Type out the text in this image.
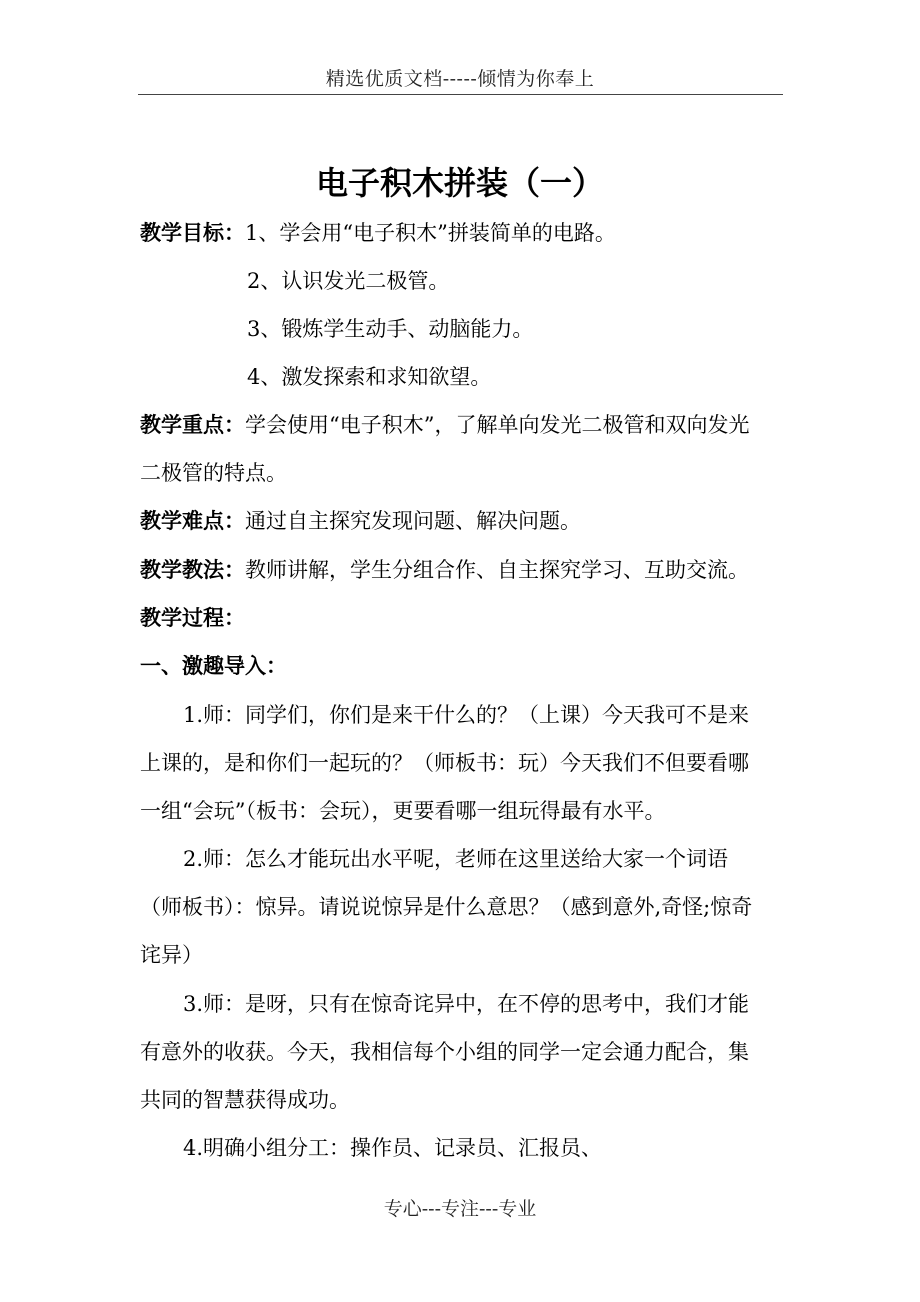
精选优质文档-----倾情为你奉上
电子积木拼装（一）
教学目标：1、学会用“电子积木”拼装简单的电路。
2、认识发光二极管。
3、锻炼学生动手、动脑能力。
4、激发探索和求知欲望。
教学重点：学会使用“电子积木”，了解单向发光二极管和双向发光
二极管的特点。
教学难点：通过自主探究发现问题、解决问题。
教学教法：教师讲解，学生分组合作、自主探究学习、互助交流。
教学过程：
一、激趣导入：
1.师：同学们，你们是来干什么的？（上课）今天我可不是来
上课的，是和你们一起玩的？（师板书：玩）今天我们不但要看哪
一组“会玩”（板书：会玩），更要看哪一组玩得最有水平。
2.师：怎么才能玩出水平呢，老师在这里送给大家一个词语
（师板书）：惊异。请说说惊异是什么意思？（感到意外,奇怪;惊奇
诧异）
3.师：是呀，只有在惊奇诧异中，在不停的思考中，我们才能
有意外的收获。今天，我相信每个小组的同学一定会通力配合，集
共同的智慧获得成功。
4.明确小组分工：操作员、记录员、汇报员、
专心---专注---专业
